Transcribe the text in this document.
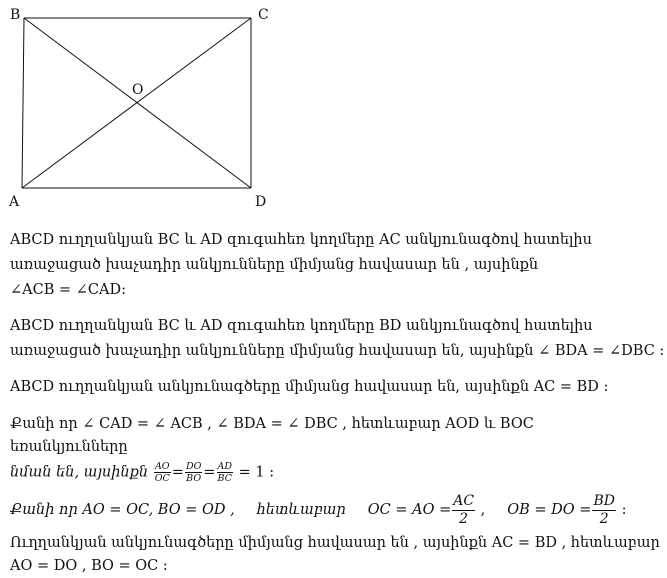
B	C
O
A	D
ABCD ուղղանկյան BC և AD զուգահեռ կողմերը AC անկյունագծով հատելիս
առաջացած խաչադիր անկյունները միմյանց հավասար են , այսինքն
∠ACB = ∠CAD:
ABCD ուղղանկյան BC և AD զուգահեռ կողմերը BD անկյունագծով հատելիս
առաջացած խաչադիր անկյունները միմյանց հավասար են, այսինքն ∠ BDA = ∠DBC :
ABCD ուղղանկյան անկյունագծերը միմյանց հավասար են, այսինքն AC = BD :
Քանի որ ∠ CAD = ∠ ACB , ∠ BDA = ∠ DBC , հետևաբար AOD և BOC
եռանկյունները
նման են, այսինքն $\frac{AO}{OC} = \frac{DO}{BO} = \frac{AD}{BC} = 1$ :
Քանի որ AO = OC, BO = OD , հետևաբար OC = AO = $\frac{AC}{2}$ , OB = DO = $\frac{BD}{2}$ :
Ուղղանկյան անկյունագծերը միմյանց հավասար են , այսինքն AC = BD , հետևաբար
AO = DO , BO = OC :
